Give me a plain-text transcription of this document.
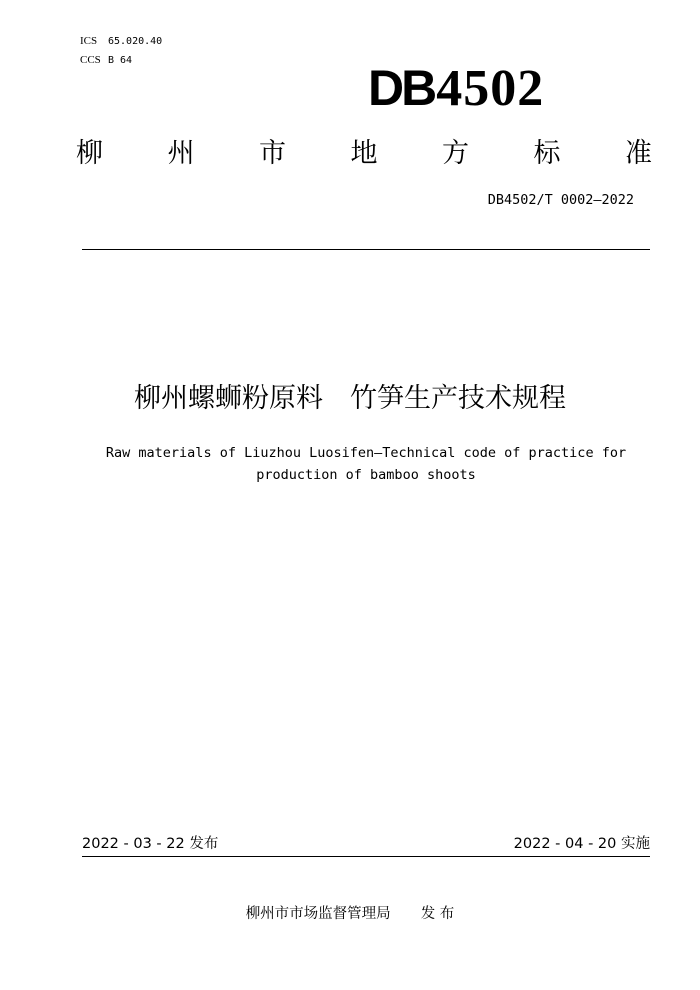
ICS 65.020.40
CCS B 64	DB4502
柳 州 市 地 方 标 准
DB4502/T 0002—2022
柳州螺蛳粉原料　竹笋生产技术规程
Raw materials of Liuzhou Luosifen—Technical code of practice for
production of bamboo shoots
2022 - 03 - 22 发布	2022 - 04 - 20 实施
柳州市市场监督管理局 发 布
